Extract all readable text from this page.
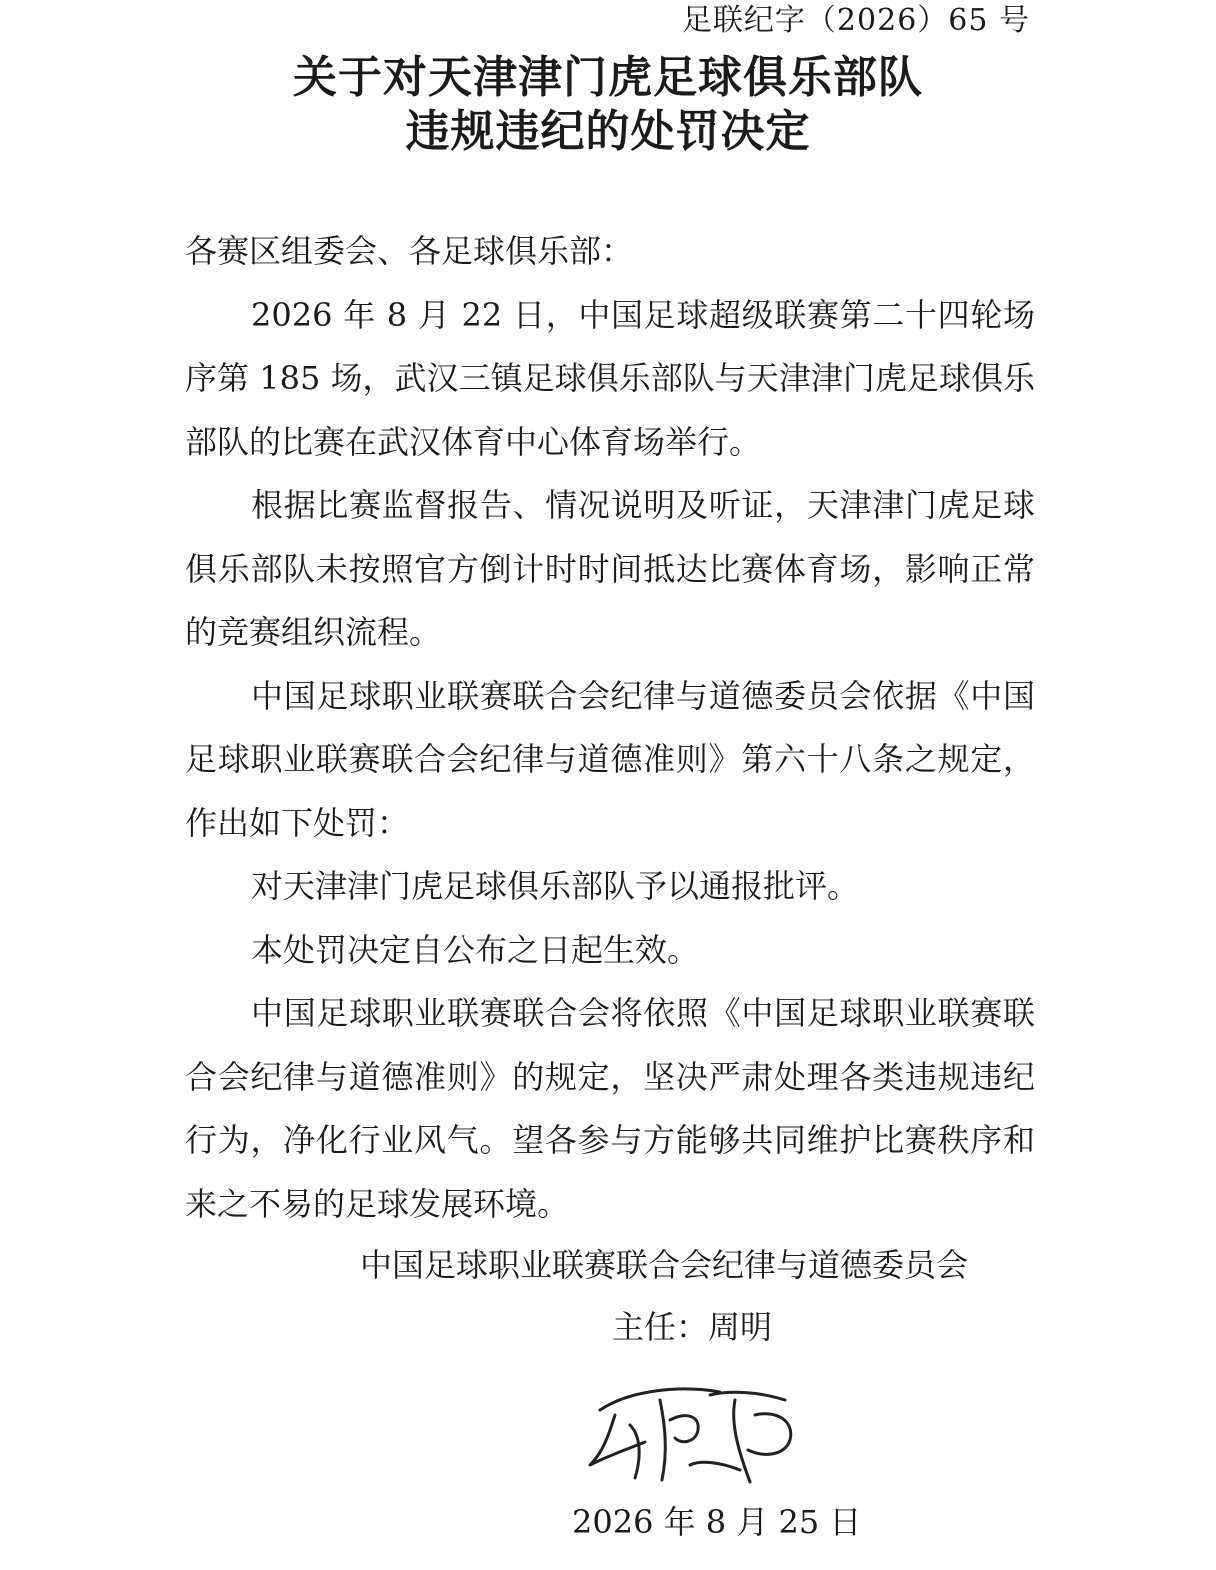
足联纪字（2026）65 号
关于对天津津门虎足球俱乐部队
违规违纪的处罚决定

各赛区组委会、各足球俱乐部：

2026 年 8 月 22 日，中国足球超级联赛第二十四轮场序第 185 场，武汉三镇足球俱乐部队与天津津门虎足球俱乐部队的比赛在武汉体育中心体育场举行。

根据比赛监督报告、情况说明及听证，天津津门虎足球俱乐部队未按照官方倒计时时间抵达比赛体育场，影响正常的竞赛组织流程。

中国足球职业联赛联合会纪律与道德委员会依据《中国足球职业联赛联合会纪律与道德准则》第六十八条之规定，作出如下处罚：

对天津津门虎足球俱乐部队予以通报批评。

本处罚决定自公布之日起生效。

中国足球职业联赛联合会将依照《中国足球职业联赛联合会纪律与道德准则》的规定，坚决严肃处理各类违规违纪行为，净化行业风气。望各参与方能够共同维护比赛秩序和来之不易的足球发展环境。

中国足球职业联赛联合会纪律与道德委员会
主任：周明
2026 年 8 月 25 日
